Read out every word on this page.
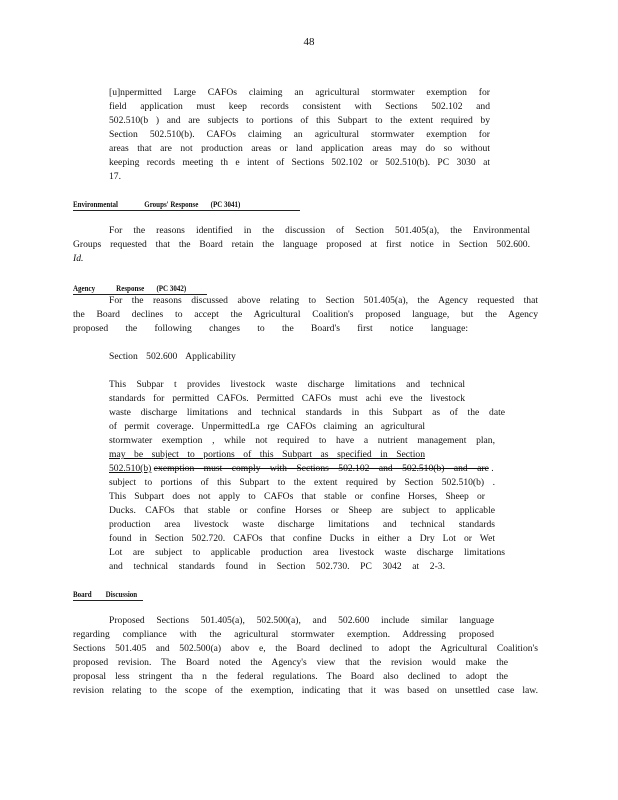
48

[u]npermitted Large CAFOs claiming an agricultural stormwater exemption for

field application must keep records consistent with Sections 502.102 and

502.510(b ) and are subjects to portions of this Subpart to the extent required by

Section 502.510(b). CAFOs claiming an agricultural stormwater exemption for

areas that are not production areas or land application areas may do so without

keeping records meeting th e intent of Sections 502.102 or 502.510(b). PC 3030 at

17.

Environmental	Groups' Response (PC 3041)

For the reasons identified in the discussion of Section 501.405(a), the Environmental

Groups requested that the Board retain the language proposed at first notice in Section 502.600.

Id.

Agency	Response (PC 3042)

For the reasons discussed above relating to Section 501.405(a), the Agency requested that

the Board declines to accept the Agricultural Coalition's proposed language, but the Agency

proposed the following changes to the Board's first notice language:

Section 502.600 Applicability

This Subpar t provides livestock waste discharge limitations and technical

standards for permitted CAFOs. Permitted CAFOs must achi eve the livestock

waste discharge limitations and technical standards in this Subpart as of the date

of permit coverage. UnpermittedLa rge CAFOs claiming an agricultural

stormwater exemption , while not required to have a nutrient management plan,

may be subject to portions of this Subpart as specified in Section

502.510(b) exemption must comply with Sections 502.102 and 502.510(b) and are .

subject to portions of this Subpart to the extent required by Section 502.510(b) .

This Subpart does not apply to CAFOs that stable or confine Horses, Sheep or

Ducks. CAFOs that stable or confine Horses or Sheep are subject to applicable

production area livestock waste discharge limitations and technical standards

found in Section 502.720. CAFOs that confine Ducks in either a Dry Lot or Wet

Lot are subject to applicable production area livestock waste discharge limitations

and technical standards found in Section 502.730. PC 3042 at 2-3.

Board Discussion

Proposed Sections 501.405(a), 502.500(a), and 502.600 include similar language

regarding compliance with the agricultural stormwater exemption. Addressing proposed

Sections 501.405 and 502.500(a) abov e, the Board declined to adopt the Agricultural Coalition's

proposed revision. The Board noted the Agency's view that the revision would make the

proposal less stringent tha n the federal regulations. The Board also declined to adopt the

revision relating to the scope of the exemption, indicating that it was based on unsettled case law.
